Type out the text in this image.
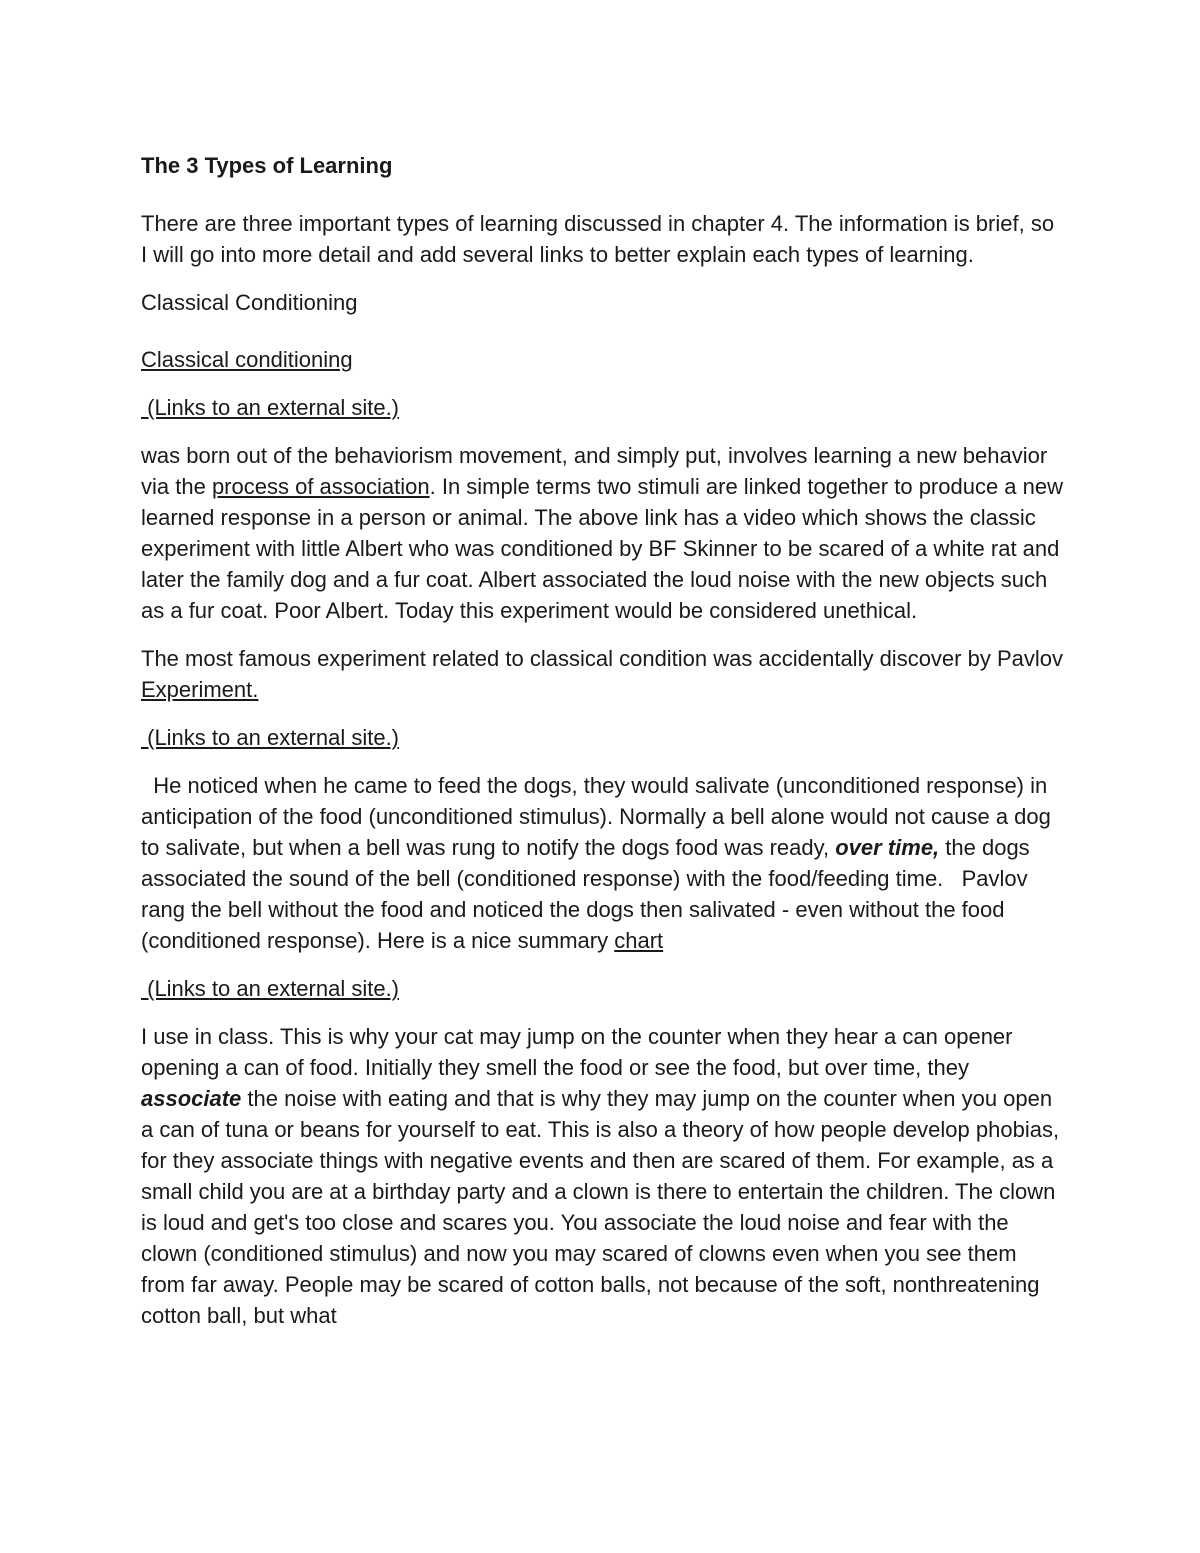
The 3 Types of Learning
There are three important types of learning discussed in chapter 4. The information is brief, so I will go into more detail and add several links to better explain each types of learning.
Classical Conditioning
Classical conditioning
(Links to an external site.)
was born out of the behaviorism movement, and simply put, involves learning a new behavior via the process of association. In simple terms two stimuli are linked together to produce a new learned response in a person or animal. The above link has a video which shows the classic experiment with little Albert who was conditioned by BF Skinner to be scared of a white rat and later the family dog and a fur coat. Albert associated the loud noise with the new objects such as a fur coat. Poor Albert. Today this experiment would be considered unethical.
The most famous experiment related to classical condition was accidentally discover by Pavlov Experiment.
(Links to an external site.)
He noticed when he came to feed the dogs, they would salivate (unconditioned response) in anticipation of the food (unconditioned stimulus). Normally a bell alone would not cause a dog to salivate, but when a bell was rung to notify the dogs food was ready, over time, the dogs associated the sound of the bell (conditioned response) with the food/feeding time.   Pavlov rang the bell without the food and noticed the dogs then salivated - even without the food (conditioned response). Here is a nice summary chart
(Links to an external site.)
I use in class. This is why your cat may jump on the counter when they hear a can opener opening a can of food. Initially they smell the food or see the food, but over time, they associate the noise with eating and that is why they may jump on the counter when you open a can of tuna or beans for yourself to eat. This is also a theory of how people develop phobias, for they associate things with negative events and then are scared of them. For example, as a small child you are at a birthday party and a clown is there to entertain the children. The clown is loud and get's too close and scares you. You associate the loud noise and fear with the clown (conditioned stimulus) and now you may scared of clowns even when you see them from far away. People may be scared of cotton balls, not because of the soft, nonthreatening cotton ball, but what
